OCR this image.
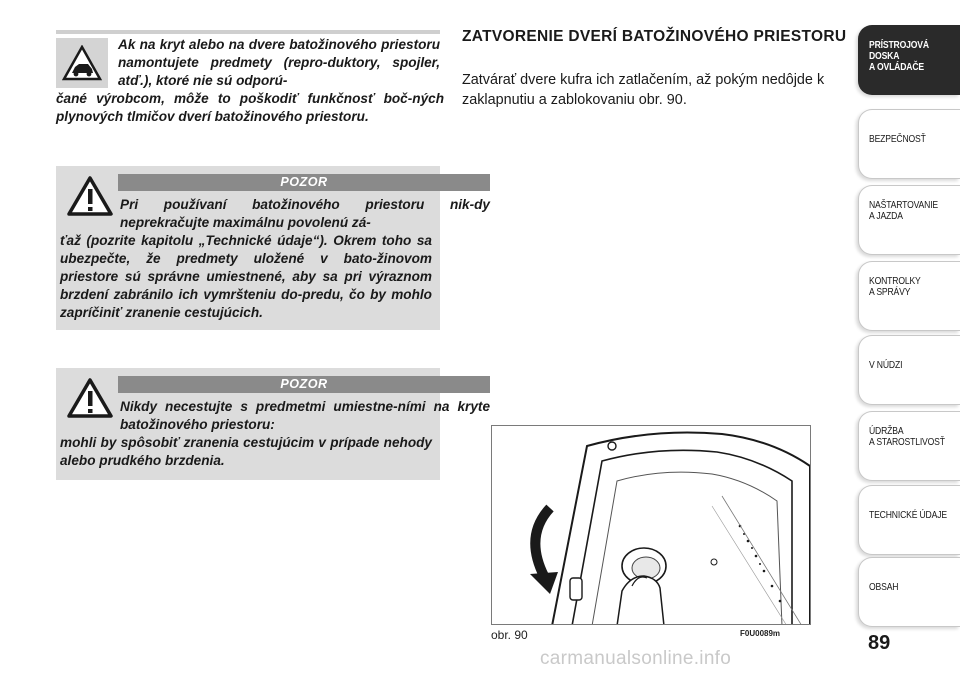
Ak na kryt alebo na dvere batožinového priestoru namontujete predmety (repro-duktory, spojler, atď.), ktoré nie sú odporú-

čané výrobcom, môže to poškodiť funkčnosť boč-ných plynových tlmičov dverí batožinového priestoru.

POZOR

Pri používaní batožinového priestoru nik-dy neprekračujte maximálnu povolenú zá-

ťaž (pozrite kapitolu „Technické údaje“). Okrem toho sa ubezpečte, že predmety uložené v bato-žinovom priestore sú správne umiestnené, aby sa pri výraznom brzdení zabránilo ich vymršteniu do-predu, čo by mohlo zapríčiniť zranenie cestujúcich.

POZOR

Nikdy necestujte s predmetmi umiestne-ními na kryte batožinového priestoru:

mohli by spôsobiť zranenia cestujúcim v prípade nehody alebo prudkého brzdenia.

ZATVORENIE DVERÍ BATOŽINOVÉHO PRIESTORU

Zatvárať dvere kufra ich zatlačením, až pokým nedôjde k zaklapnutiu a zablokovaniu obr. 90.

obr. 90	F0U0089m
PRÍSTROJOVÁ
DOSKA
A OVLÁDAČE
BEZPEČNOSŤ
NAŠTARTOVANIE
A JAZDA
KONTROLKY
A SPRÁVY
V NÚDZI
ÚDRŽBA
A STAROSTLIVOSŤ
TECHNICKÉ ÚDAJE
OBSAH
89
carmanualsonline.info
